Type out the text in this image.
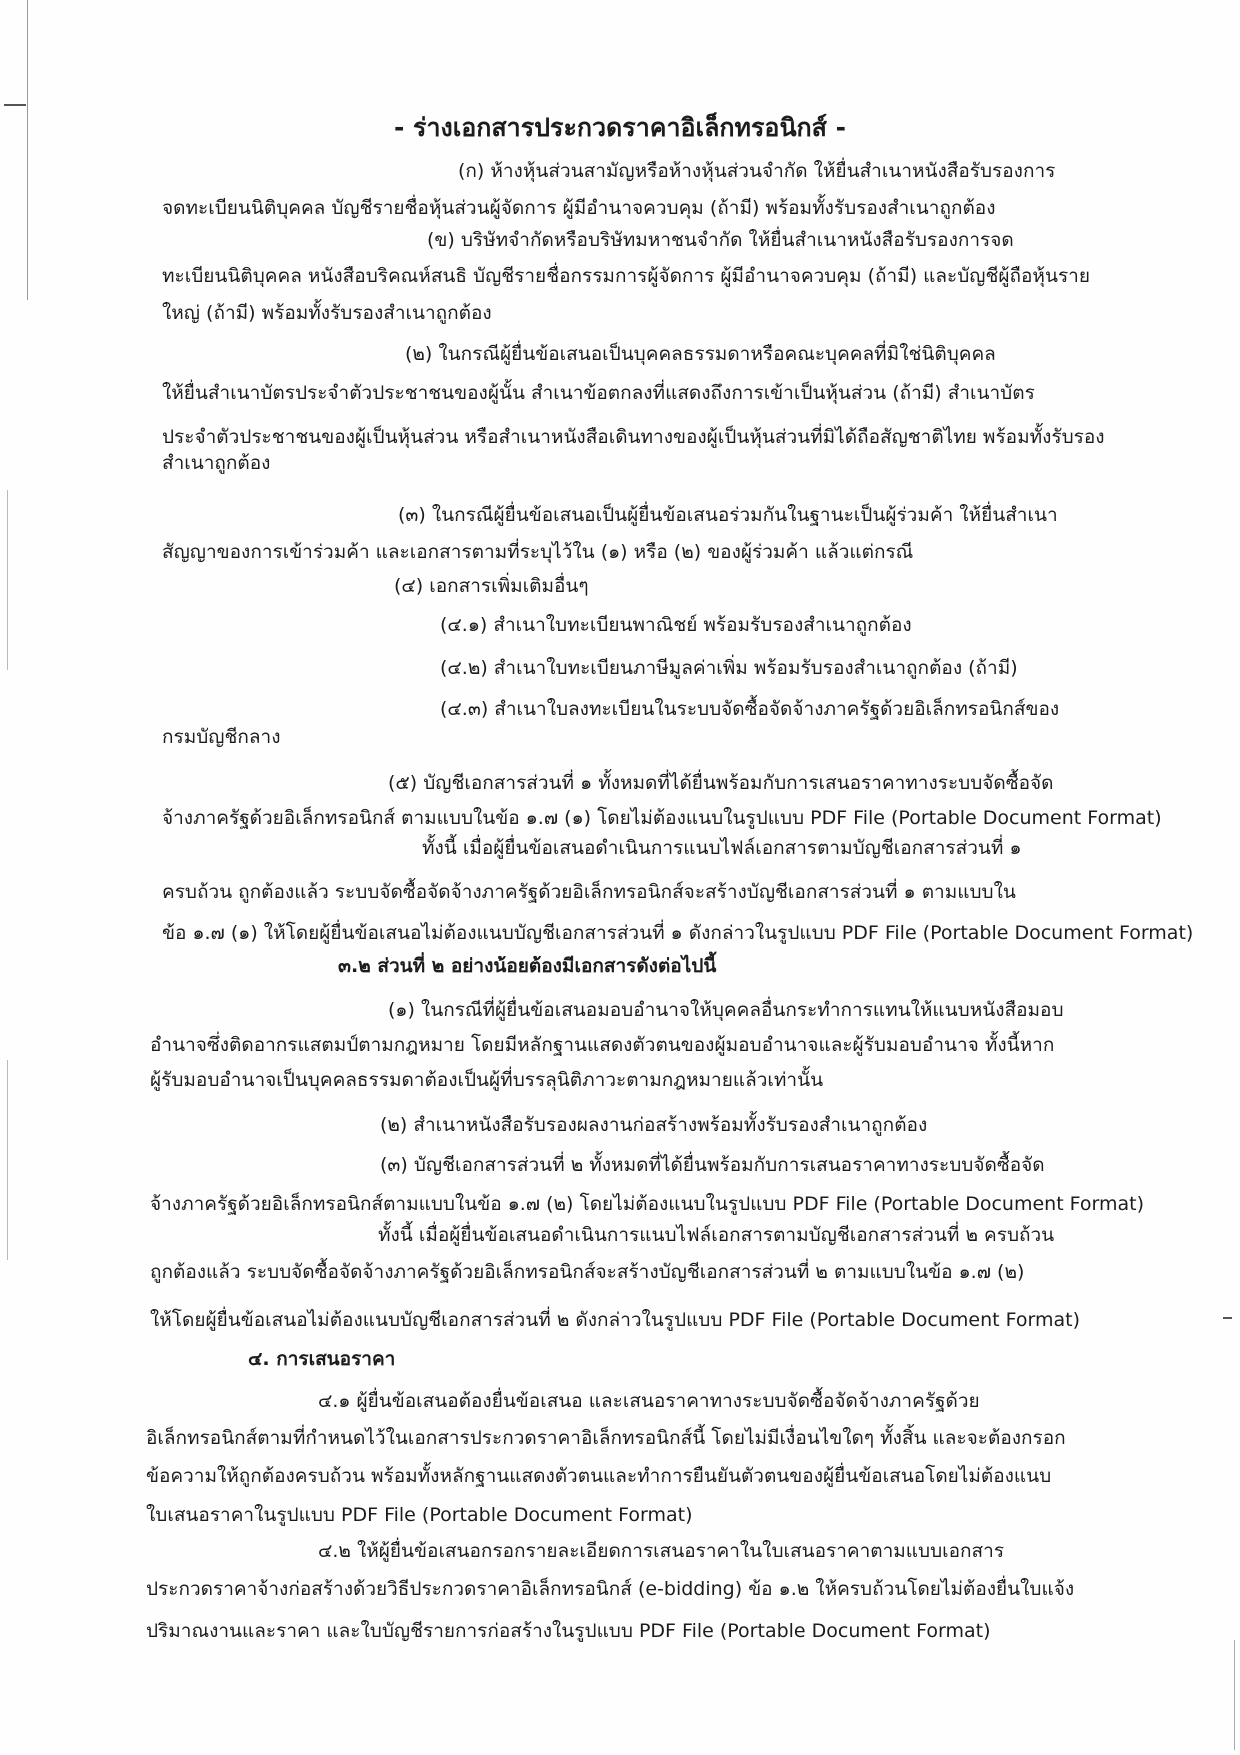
- ร่างเอกสารประกวดราคาอิเล็กทรอนิกส์ -
(ก) ห้างหุ้นส่วนสามัญหรือห้างหุ้นส่วนจำกัด ให้ยื่นสำเนาหนังสือรับรองการ
จดทะเบียนนิติบุคคล บัญชีรายชื่อหุ้นส่วนผู้จัดการ ผู้มีอำนาจควบคุม (ถ้ามี) พร้อมทั้งรับรองสำเนาถูกต้อง
(ข) บริษัทจำกัดหรือบริษัทมหาชนจำกัด ให้ยื่นสำเนาหนังสือรับรองการจด
ทะเบียนนิติบุคคล หนังสือบริคณห์สนธิ บัญชีรายชื่อกรรมการผู้จัดการ ผู้มีอำนาจควบคุม (ถ้ามี) และบัญชีผู้ถือหุ้นราย
ใหญ่ (ถ้ามี) พร้อมทั้งรับรองสำเนาถูกต้อง
(๒) ในกรณีผู้ยื่นข้อเสนอเป็นบุคคลธรรมดาหรือคณะบุคคลที่มิใช่นิติบุคคล
ให้ยื่นสำเนาบัตรประจำตัวประชาชนของผู้นั้น สำเนาข้อตกลงที่แสดงถึงการเข้าเป็นหุ้นส่วน (ถ้ามี) สำเนาบัตร
ประจำตัวประชาชนของผู้เป็นหุ้นส่วน หรือสำเนาหนังสือเดินทางของผู้เป็นหุ้นส่วนที่มิได้ถือสัญชาติไทย พร้อมทั้งรับรอง
สำเนาถูกต้อง
(๓) ในกรณีผู้ยื่นข้อเสนอเป็นผู้ยื่นข้อเสนอร่วมกันในฐานะเป็นผู้ร่วมค้า ให้ยื่นสำเนา
สัญญาของการเข้าร่วมค้า และเอกสารตามที่ระบุไว้ใน (๑) หรือ (๒) ของผู้ร่วมค้า แล้วแต่กรณี
(๔) เอกสารเพิ่มเติมอื่นๆ
(๔.๑) สำเนาใบทะเบียนพาณิชย์ พร้อมรับรองสำเนาถูกต้อง
(๔.๒) สำเนาใบทะเบียนภาษีมูลค่าเพิ่ม พร้อมรับรองสำเนาถูกต้อง (ถ้ามี)
(๔.๓) สำเนาใบลงทะเบียนในระบบจัดซื้อจัดจ้างภาครัฐด้วยอิเล็กทรอนิกส์ของ
กรมบัญชีกลาง
(๕) บัญชีเอกสารส่วนที่ ๑ ทั้งหมดที่ได้ยื่นพร้อมกับการเสนอราคาทางระบบจัดซื้อจัด
จ้างภาครัฐด้วยอิเล็กทรอนิกส์ ตามแบบในข้อ ๑.๗ (๑) โดยไม่ต้องแนบในรูปแบบ PDF File (Portable Document Format)
ทั้งนี้ เมื่อผู้ยื่นข้อเสนอดำเนินการแนบไฟล์เอกสารตามบัญชีเอกสารส่วนที่ ๑
ครบถ้วน ถูกต้องแล้ว ระบบจัดซื้อจัดจ้างภาครัฐด้วยอิเล็กทรอนิกส์จะสร้างบัญชีเอกสารส่วนที่ ๑ ตามแบบใน
ข้อ ๑.๗ (๑) ให้โดยผู้ยื่นข้อเสนอไม่ต้องแนบบัญชีเอกสารส่วนที่ ๑ ดังกล่าวในรูปแบบ PDF File (Portable Document Format)
๓.๒ ส่วนที่ ๒ อย่างน้อยต้องมีเอกสารดังต่อไปนี้
(๑) ในกรณีที่ผู้ยื่นข้อเสนอมอบอำนาจให้บุคคลอื่นกระทำการแทนให้แนบหนังสือมอบ
อำนาจซึ่งติดอากรแสตมป์ตามกฎหมาย โดยมีหลักฐานแสดงตัวตนของผู้มอบอำนาจและผู้รับมอบอำนาจ ทั้งนี้หาก
ผู้รับมอบอำนาจเป็นบุคคลธรรมดาต้องเป็นผู้ที่บรรลุนิติภาวะตามกฎหมายแล้วเท่านั้น
(๒) สำเนาหนังสือรับรองผลงานก่อสร้างพร้อมทั้งรับรองสำเนาถูกต้อง
(๓) บัญชีเอกสารส่วนที่ ๒ ทั้งหมดที่ได้ยื่นพร้อมกับการเสนอราคาทางระบบจัดซื้อจัด
จ้างภาครัฐด้วยอิเล็กทรอนิกส์ตามแบบในข้อ ๑.๗ (๒) โดยไม่ต้องแนบในรูปแบบ PDF File (Portable Document Format)
ทั้งนี้ เมื่อผู้ยื่นข้อเสนอดำเนินการแนบไฟล์เอกสารตามบัญชีเอกสารส่วนที่ ๒ ครบถ้วน
ถูกต้องแล้ว ระบบจัดซื้อจัดจ้างภาครัฐด้วยอิเล็กทรอนิกส์จะสร้างบัญชีเอกสารส่วนที่ ๒ ตามแบบในข้อ ๑.๗ (๒)
ให้โดยผู้ยื่นข้อเสนอไม่ต้องแนบบัญชีเอกสารส่วนที่ ๒ ดังกล่าวในรูปแบบ PDF File (Portable Document Format)
๔. การเสนอราคา
๔.๑ ผู้ยื่นข้อเสนอต้องยื่นข้อเสนอ และเสนอราคาทางระบบจัดซื้อจัดจ้างภาครัฐด้วย
อิเล็กทรอนิกส์ตามที่กำหนดไว้ในเอกสารประกวดราคาอิเล็กทรอนิกส์นี้ โดยไม่มีเงื่อนไขใดๆ ทั้งสิ้น และจะต้องกรอก
ข้อความให้ถูกต้องครบถ้วน พร้อมทั้งหลักฐานแสดงตัวตนและทำการยืนยันตัวตนของผู้ยื่นข้อเสนอโดยไม่ต้องแนบ
ใบเสนอราคาในรูปแบบ PDF File (Portable Document Format)
๔.๒ ให้ผู้ยื่นข้อเสนอกรอกรายละเอียดการเสนอราคาในใบเสนอราคาตามแบบเอกสาร
ประกวดราคาจ้างก่อสร้างด้วยวิธีประกวดราคาอิเล็กทรอนิกส์ (e-bidding) ข้อ ๑.๒ ให้ครบถ้วนโดยไม่ต้องยื่นใบแจ้ง
ปริมาณงานและราคา และใบบัญชีรายการก่อสร้างในรูปแบบ PDF File (Portable Document Format)
